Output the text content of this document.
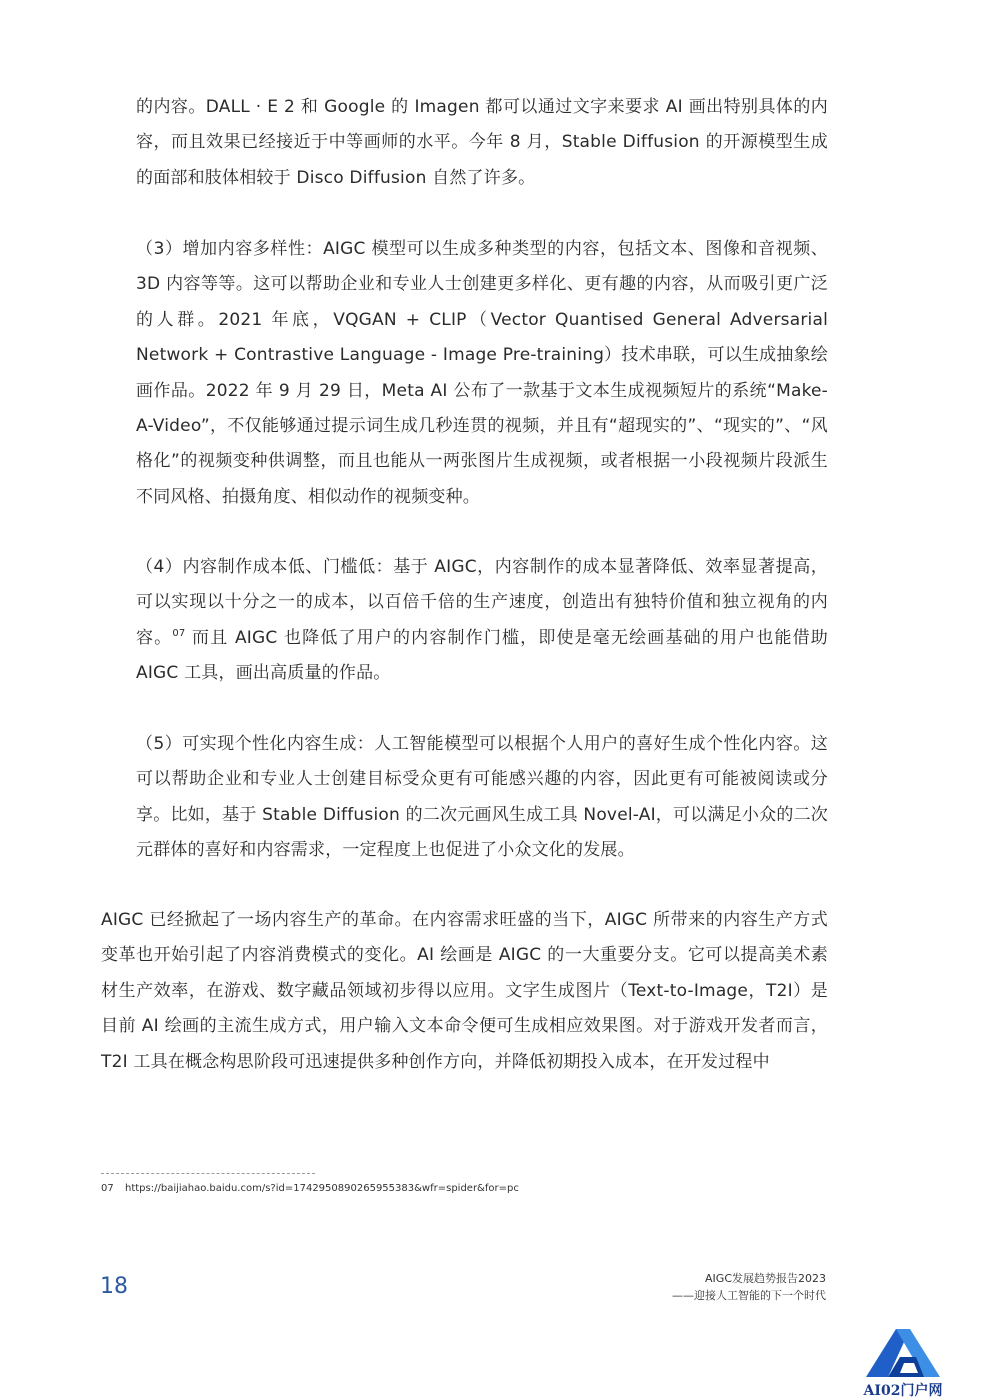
的内容。DALL · E 2 和 Google 的 Imagen 都可以通过文字来要求 AI 画出特别具体的内容，而且效果已经接近于中等画师的水平。今年 8 月，Stable Diffusion 的开源模型生成的面部和肢体相较于 Disco Diffusion 自然了许多。

（3）增加内容多样性：AIGC 模型可以生成多种类型的内容，包括文本、图像和音视频、3D 内容等等。这可以帮助企业和专业人士创建更多样化、更有趣的内容，从而吸引更广泛的人群。2021 年底，VQGAN + CLIP（Vector Quantised General Adversarial Network + Contrastive Language - Image Pre-training）技术串联，可以生成抽象绘画作品。2022 年 9 月 29 日，Meta AI 公布了一款基于文本生成视频短片的系统“Make-A-Video”，不仅能够通过提示词生成几秒连贯的视频，并且有“超现实的”、“现实的”、“风格化”的视频变种供调整，而且也能从一两张图片生成视频，或者根据一小段视频片段派生不同风格、拍摄角度、相似动作的视频变种。

（4）内容制作成本低、门槛低：基于 AIGC，内容制作的成本显著降低、效率显著提高，可以实现以十分之一的成本，以百倍千倍的生产速度，创造出有独特价值和独立视角的内容。$^{07}$ 而且 AIGC 也降低了用户的内容制作门槛，即使是毫无绘画基础的用户也能借助 AIGC 工具，画出高质量的作品。

（5）可实现个性化内容生成：人工智能模型可以根据个人用户的喜好生成个性化内容。这可以帮助企业和专业人士创建目标受众更有可能感兴趣的内容，因此更有可能被阅读或分享。比如，基于 Stable Diffusion 的二次元画风生成工具 Novel-AI，可以满足小众的二次元群体的喜好和内容需求，一定程度上也促进了小众文化的发展。

AIGC 已经掀起了一场内容生产的革命。在内容需求旺盛的当下，AIGC 所带来的内容生产方式变革也开始引起了内容消费模式的变化。AI 绘画是 AIGC 的一大重要分支。它可以提高美术素材生产效率，在游戏、数字藏品领域初步得以应用。文字生成图片（Text-to-Image，T2I）是目前 AI 绘画的主流生成方式，用户输入文本命令便可生成相应效果图。对于游戏开发者而言，T2I 工具在概念构思阶段可迅速提供多种创作方向，并降低初期投入成本，在开发过程中

07 https://baijiahao.baidu.com/s?id=1742950890265955383&wfr=spider&for=pc
18	AIGC发展趋势报告2023
——迎接人工智能的下一个时代
AI02门户网
